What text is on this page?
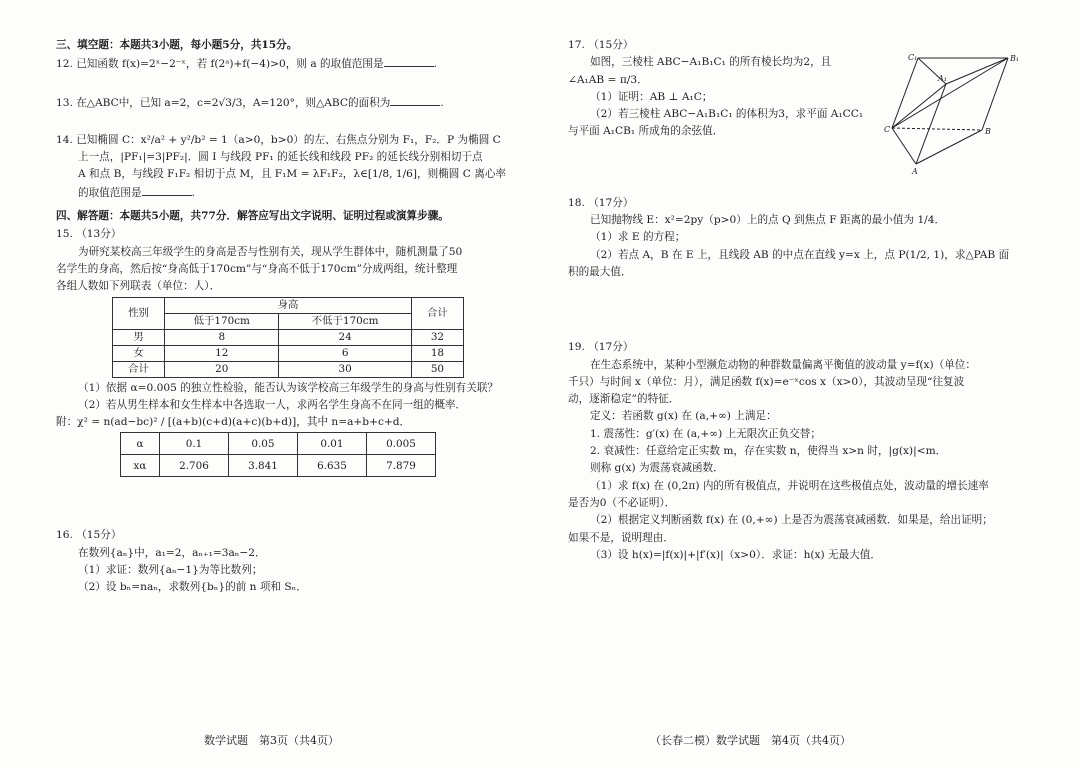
三、填空题：本题共3小题，每小题5分，共15分。

12. 已知函数 f(x)=2ˣ−2⁻ˣ，若 f(2ᵃ)+f(−4)>0，则 a 的取值范围是	.

13. 在△ABC中，已知 a=2，c=2√3/3，A=120°，则△ABC的面积为	.

14. 已知椭圆 C：x²/a² + y²/b² = 1（a>0，b>0）的左、右焦点分别为 F₁，F₂．P 为椭圆 C

上一点，|PF₁|=3|PF₂|．圆 I 与线段 PF₁ 的延长线和线段 PF₂ 的延长线分别相切于点

A 和点 B，与线段 F₁F₂ 相切于点 M，且 F₁M = λF₁F₂，λ∈[1/8, 1/6]，则椭圆 C 离心率

的取值范围是	.

四、解答题：本题共5小题，共77分．解答应写出文字说明、证明过程或演算步骤。

15. （13分）

为研究某校高三年级学生的身高是否与性别有关，现从学生群体中，随机测量了50

名学生的身高，然后按“身高低于170cm”与“身高不低于170cm”分成两组，统计整理

各组人数如下列联表（单位：人）．

性别	身高		合计
	低于170cm	不低于170cm	
男	8	24	32
女	12	6	18
合计	20	30	50

（1）依据 α=0.005 的独立性检验，能否认为该学校高三年级学生的身高与性别有关联？

（2）若从男生样本和女生样本中各选取一人，求两名学生身高不在同一组的概率．

附：χ² = n(ad−bc)² / [(a+b)(c+d)(a+c)(b+d)]，其中 n=a+b+c+d．

α	0.1	0.05	0.01	0.005
xα	2.706	3.841	6.635	7.879

16. （15分）

在数列{aₙ}中，a₁=2，aₙ₊₁=3aₙ−2．

（1）求证：数列{aₙ−1}为等比数列；

（2）设 bₙ=naₙ，求数列{bₙ}的前 n 项和 Sₙ．

17. （15分）

如图，三棱柱 ABC−A₁B₁C₁ 的所有棱长均为2，且

∠A₁AB = π/3．

（1）证明：AB ⊥ A₁C；

（2）若三棱柱 ABC−A₁B₁C₁ 的体积为3，求平面 A₁CC₁

与平面 A₁CB₁ 所成角的余弦值．

18. （17分）

已知抛物线 E：x²=2py（p>0）上的点 Q 到焦点 F 距离的最小值为 1/4．

（1）求 E 的方程；

（2）若点 A，B 在 E 上，且线段 AB 的中点在直线 y=x 上，点 P(1/2, 1)，求△PAB 面

积的最大值．

19. （17分）

在生态系统中，某种小型濒危动物的种群数量偏离平衡值的波动量 y=f(x)（单位：

千只）与时间 x（单位：月），满足函数 f(x)=e⁻ˣcos x（x>0），其波动呈现“往复波

动，逐渐稳定”的特征．

定义：若函数 g(x) 在 (a,+∞) 上满足：

1. 震荡性：g′(x) 在 (a,+∞) 上无限次正负交替；

2. 衰减性：任意给定正实数 m，存在实数 n，使得当 x>n 时，|g(x)|<m．

则称 g(x) 为震荡衰减函数．

（1）求 f(x) 在 (0,2π) 内的所有极值点，并说明在这些极值点处，波动量的增长速率

是否为0（不必证明）．

（2）根据定义判断函数 f(x) 在 (0,+∞) 上是否为震荡衰减函数．如果是，给出证明；

如果不是，说明理由．

（3）设 h(x)=|f(x)|+|f′(x)|（x>0）．求证：h(x) 无最大值．

C₁	B₁
A₁
C	B
A
数学试题　第3页（共4页）	（长春二模）数学试题　第4页（共4页）
